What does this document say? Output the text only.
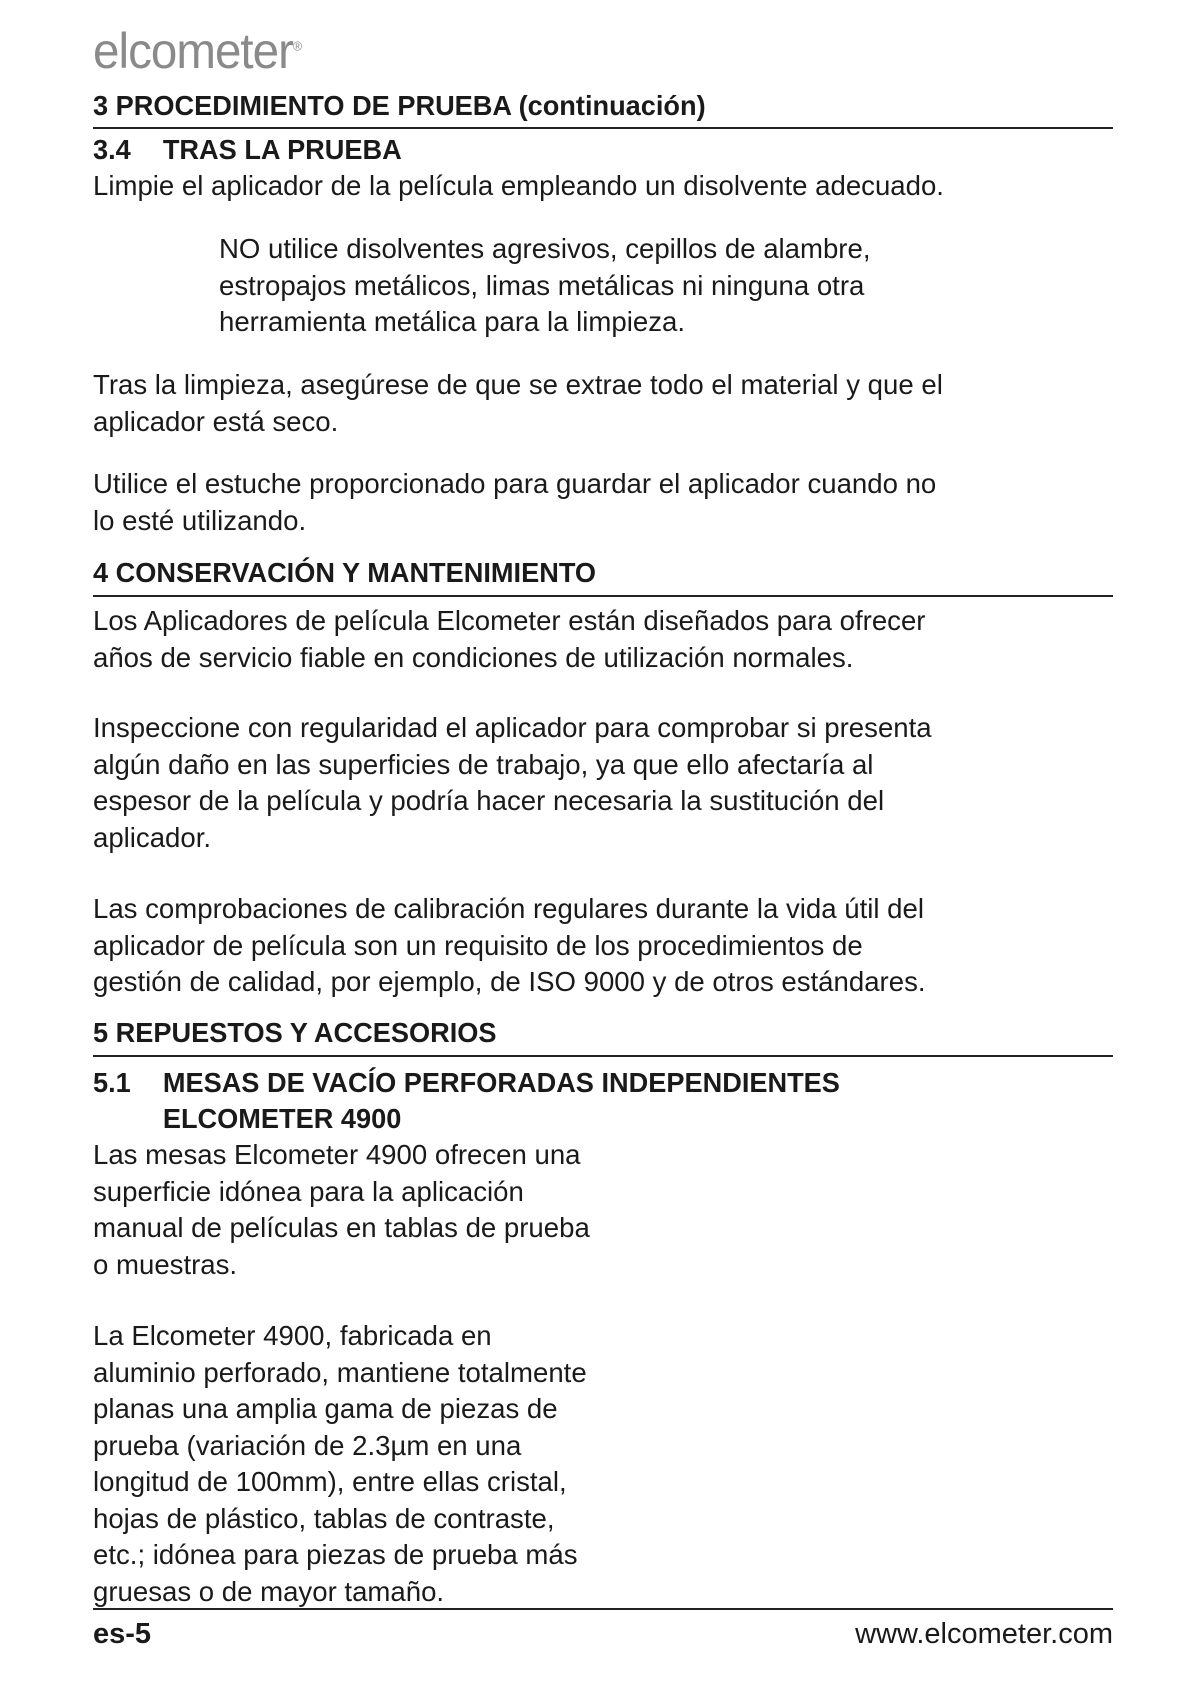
elcometer®
3 PROCEDIMIENTO DE PRUEBA (continuación)
3.4 TRAS LA PRUEBA
Limpie el aplicador de la película empleando un disolvente adecuado.
NO utilice disolventes agresivos, cepillos de alambre,
estropajos metálicos, limas metálicas ni ninguna otra
herramienta metálica para la limpieza.
Tras la limpieza, asegúrese de que se extrae todo el material y que el
aplicador está seco.
Utilice el estuche proporcionado para guardar el aplicador cuando no
lo esté utilizando.
4 CONSERVACIÓN Y MANTENIMIENTO
Los Aplicadores de película Elcometer están diseñados para ofrecer
años de servicio fiable en condiciones de utilización normales.
Inspeccione con regularidad el aplicador para comprobar si presenta
algún daño en las superficies de trabajo, ya que ello afectaría al
espesor de la película y podría hacer necesaria la sustitución del
aplicador.
Las comprobaciones de calibración regulares durante la vida útil del
aplicador de película son un requisito de los procedimientos de
gestión de calidad, por ejemplo, de ISO 9000 y de otros estándares.
5 REPUESTOS Y ACCESORIOS
5.1 MESAS DE VACÍO PERFORADAS INDEPENDIENTES
ELCOMETER 4900
Las mesas Elcometer 4900 ofrecen una
superficie idónea para la aplicación
manual de películas en tablas de prueba
o muestras.
La Elcometer 4900, fabricada en
aluminio perforado, mantiene totalmente
planas una amplia gama de piezas de
prueba (variación de 2.3µm en una
longitud de 100mm), entre ellas cristal,
hojas de plástico, tablas de contraste,
etc.; idónea para piezas de prueba más
gruesas o de mayor tamaño.
es-5	www.elcometer.com
